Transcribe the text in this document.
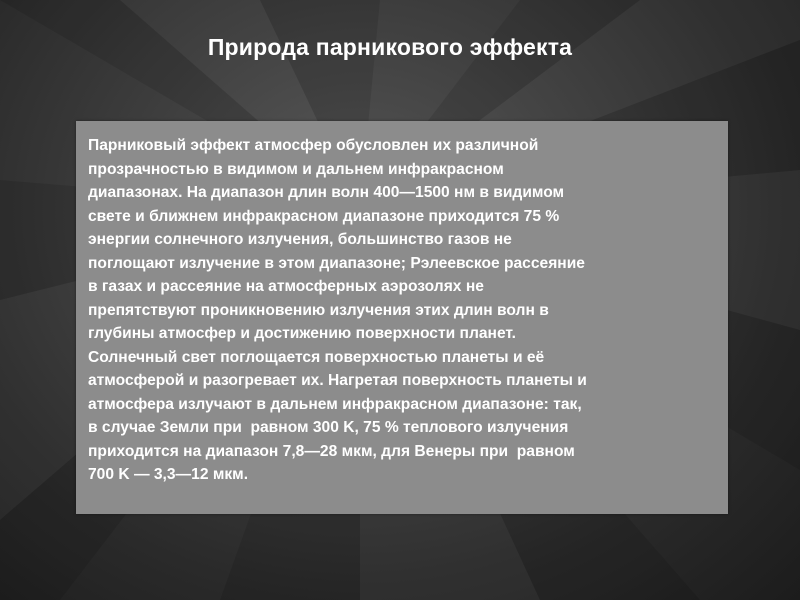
Природа парникового эффекта

Парниковый эффект атмосфер обусловлен их различной
прозрачностью в видимом и дальнем инфракрасном
диапазонах. На диапазон длин волн 400—1500 нм в видимом
свете и ближнем инфракрасном диапазоне приходится 75 %
энергии солнечного излучения, большинство газов не
поглощают излучение в этом диапазоне; Рэлеевское рассеяние
в газах и рассеяние на атмосферных аэрозолях не
препятствуют проникновению излучения этих длин волн в
глубины атмосфер и достижению поверхности планет.
Солнечный свет поглощается поверхностью планеты и её
атмосферой и разогревает их. Нагретая поверхность планеты и
атмосфера излучают в дальнем инфракрасном диапазоне: так,
в случае Земли при  равном 300 K, 75 % теплового излучения
приходится на диапазон 7,8—28 мкм, для Венеры при  равном
700 K — 3,3—12 мкм.
